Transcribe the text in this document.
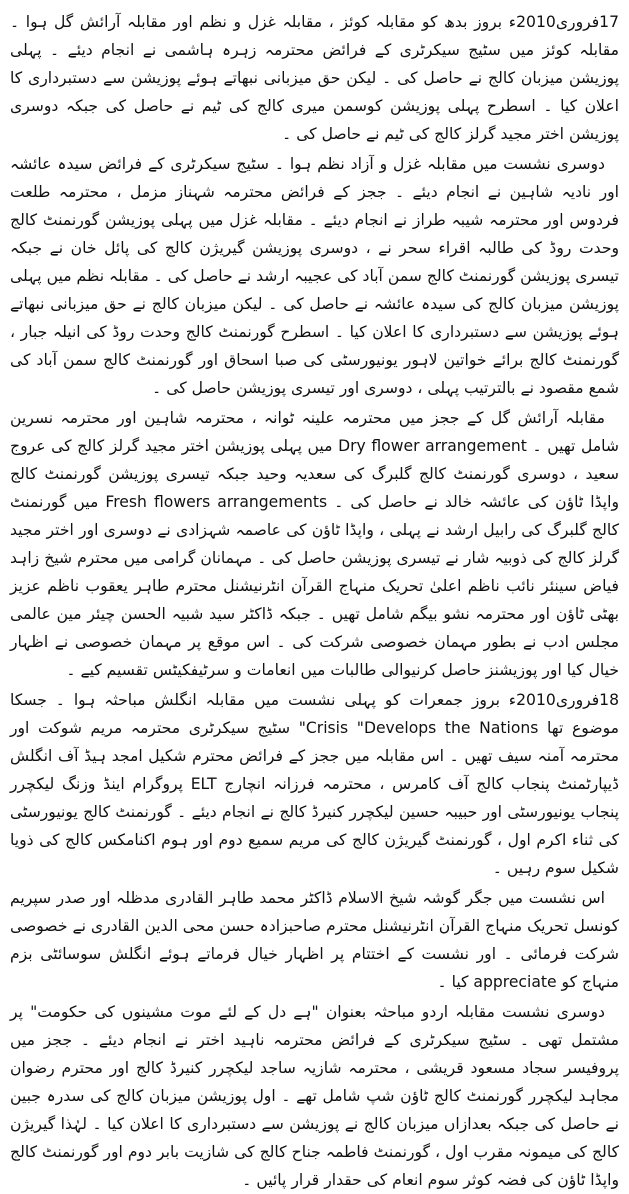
17فروری2010ء بروز بدھ کو مقابلہ کوئز ، مقابلہ غزل و نظم اور مقابلہ آرائش گل ہوا ۔ مقابلہ کوئز میں سٹیج سیکرٹری کے فرائض محترمہ زہرہ ہاشمی نے انجام دیئے ۔ پہلی پوزیشن میزبان کالج نے حاصل کی ۔ لیکن حق میزبانی نبھاتے ہوئے پوزیشن سے دستبرداری کا اعلان کیا ۔ اسطرح پہلی پوزیشن کوسمن میری کالج کی ٹیم نے حاصل کی جبکہ دوسری پوزیشن اختر مجید گرلز کالج کی ٹیم نے حاصل کی ۔

دوسری نشست میں مقابلہ غزل و آزاد نظم ہوا ۔ سٹیج سیکرٹری کے فرائض سیدہ عائشہ اور نادیہ شاہین نے انجام دیئے ۔ ججز کے فرائض محترمہ شہناز مزمل ، محترمہ طلعت فردوس اور محترمہ شیبہ طراز نے انجام دیئے ۔ مقابلہ غزل میں پہلی پوزیشن گورنمنٹ کالج وحدت روڈ کی طالبہ اقراء سحر نے ، دوسری پوزیشن گیریژن کالج کی پائل خان نے جبکہ تیسری پوزیشن گورنمنٹ کالج سمن آباد کی عجیبہ ارشد نے حاصل کی ۔ مقابلہ نظم میں پہلی پوزیشن میزبان کالج کی سیدہ عائشہ نے حاصل کی ۔ لیکن میزبان کالج نے حق میزبانی نبھاتے ہوئے پوزیشن سے دستبرداری کا اعلان کیا ۔ اسطرح گورنمنٹ کالج وحدت روڈ کی انیلہ جبار ، گورنمنٹ کالج برائے خواتین لاہور یونیورسٹی کی صبا اسحاق اور گورنمنٹ کالج سمن آباد کی شمع مقصود نے بالترتیب پہلی ، دوسری اور تیسری پوزیشن حاصل کی ۔

مقابلہ آرائش گل کے ججز میں محترمہ علینہ ٹوانہ ، محترمہ شاہین اور محترمہ نسرین شامل تھیں ۔ Dry flower arrangement میں پہلی پوزیشن اختر مجید گرلز کالج کی عروج سعید ، دوسری گورنمنٹ کالج گلبرگ کی سعدیہ وحید جبکہ تیسری پوزیشن گورنمنٹ کالج واپڈا ٹاؤن کی عائشہ خالد نے حاصل کی ۔ Fresh flowers arrangements میں گورنمنٹ کالج گلبرگ کی رابیل ارشد نے پہلی ، واپڈا ٹاؤن کی عاصمہ شہزادی نے دوسری اور اختر مجید گرلز کالج کی ذوبیہ شار نے تیسری پوزیشن حاصل کی ۔ مہمانان گرامی میں محترم شیخ زاہد فیاض سینئر نائب ناظم اعلیٰ تحریک منہاج القرآن انٹرنیشنل محترم طاہر یعقوب ناظم عزیز بھٹی ٹاؤن اور محترمہ نشو بیگم شامل تھیں ۔ جبکہ ڈاکٹر سید شبیہ الحسن چیئر مین عالمی مجلس ادب نے بطور مہمان خصوصی شرکت کی ۔ اس موقع پر مہمان خصوصی نے اظہار خیال کیا اور پوزیشنز حاصل کرنیوالی طالبات میں انعامات و سرٹیفکیٹس تقسیم کیے ۔

18فروری2010ء بروز جمعرات کو پہلی نشست میں مقابلہ انگلش مباحثہ ہوا ۔ جسکا موضوع تھا Crisis "Develops the Nations" سٹیج سیکرٹری محترمہ مریم شوکت اور محترمہ آمنہ سیف تھیں ۔ اس مقابلہ میں ججز کے فرائض محترم شکیل امجد ہیڈ آف انگلش ڈیپارٹمنٹ پنجاب کالج آف کامرس ، محترمہ فرزانہ انچارج ELT پروگرام اینڈ وزنگ لیکچرر پنجاب یونیورسٹی اور حبیبہ حسین لیکچرر کنیرڈ کالج نے انجام دیئے ۔ گورنمنٹ کالج یونیورسٹی کی ثناء اکرم اول ، گورنمنٹ گیریژن کالج کی مریم سمیع دوم اور ہوم اکنامکس کالج کی ذویا شکیل سوم رہیں ۔

اس نشست میں جگر گوشہ شیخ الاسلام ڈاکٹر محمد طاہر القادری مدظلہ اور صدر سپریم کونسل تحریک منہاج القرآن انٹرنیشنل محترم صاحبزادہ حسن محی الدین القادری نے خصوصی شرکت فرمائی ۔ اور نشست کے اختتام پر اظہار خیال فرماتے ہوئے انگلش سوسائٹی بزم منہاج کو appreciate کیا ۔

دوسری نشست مقابلہ اردو مباحثہ بعنوان "ہے دل کے لئے موت مشینوں کی حکومت" پر مشتمل تھی ۔ سٹیج سیکرٹری کے فرائض محترمہ ناہید اختر نے انجام دیئے ۔ ججز میں پروفیسر سجاد مسعود قریشی ، محترمہ شازیہ ساجد لیکچرر کنیرڈ کالج اور محترم رضوان مجاہد لیکچرر گورنمنٹ کالج ٹاؤن شپ شامل تھے ۔ اول پوزیشن میزبان کالج کی سدرہ جبین نے حاصل کی جبکہ بعدازاں میزبان کالج نے پوزیشن سے دستبرداری کا اعلان کیا ۔ لہٰذا گیریژن کالج کی میمونہ مقرب اول ، گورنمنٹ فاطمہ جناح کالج کی شازیت بابر دوم اور گورنمنٹ کالج واپڈا ٹاؤن کی فضہ کوثر سوم انعام کی حقدار قرار پائیں ۔
